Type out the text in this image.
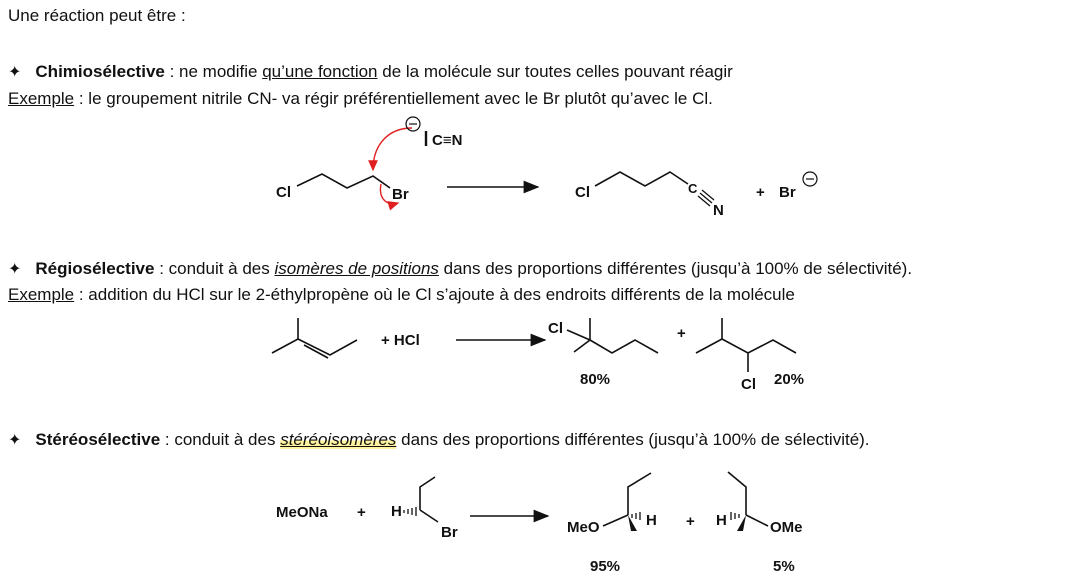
Une réaction peut être :
✦ Chimiosélective : ne modifie qu’une fonction de la molécule sur toutes celles pouvant réagir
Exemple : le groupement nitrile CN- va régir préférentiellement avec le Br plutôt qu’avec le Cl.
Cl	Br
C≡N
Cl	C
N
+ Br
✦ Régiosélective : conduit à des isomères de positions dans des proportions différentes (jusqu’à 100% de sélectivité).
Exemple : addition du HCl sur le 2-éthylpropène où le Cl s’ajoute à des endroits différents de la molécule
+ HCl
Cl
80%
+
Cl 20%
✦ Stéréosélective : conduit à des stéréoisomères dans des proportions différentes (jusqu’à 100% de sélectivité).
MeONa + H
Br	MeO	H
95%
+ H	OMe
5%
